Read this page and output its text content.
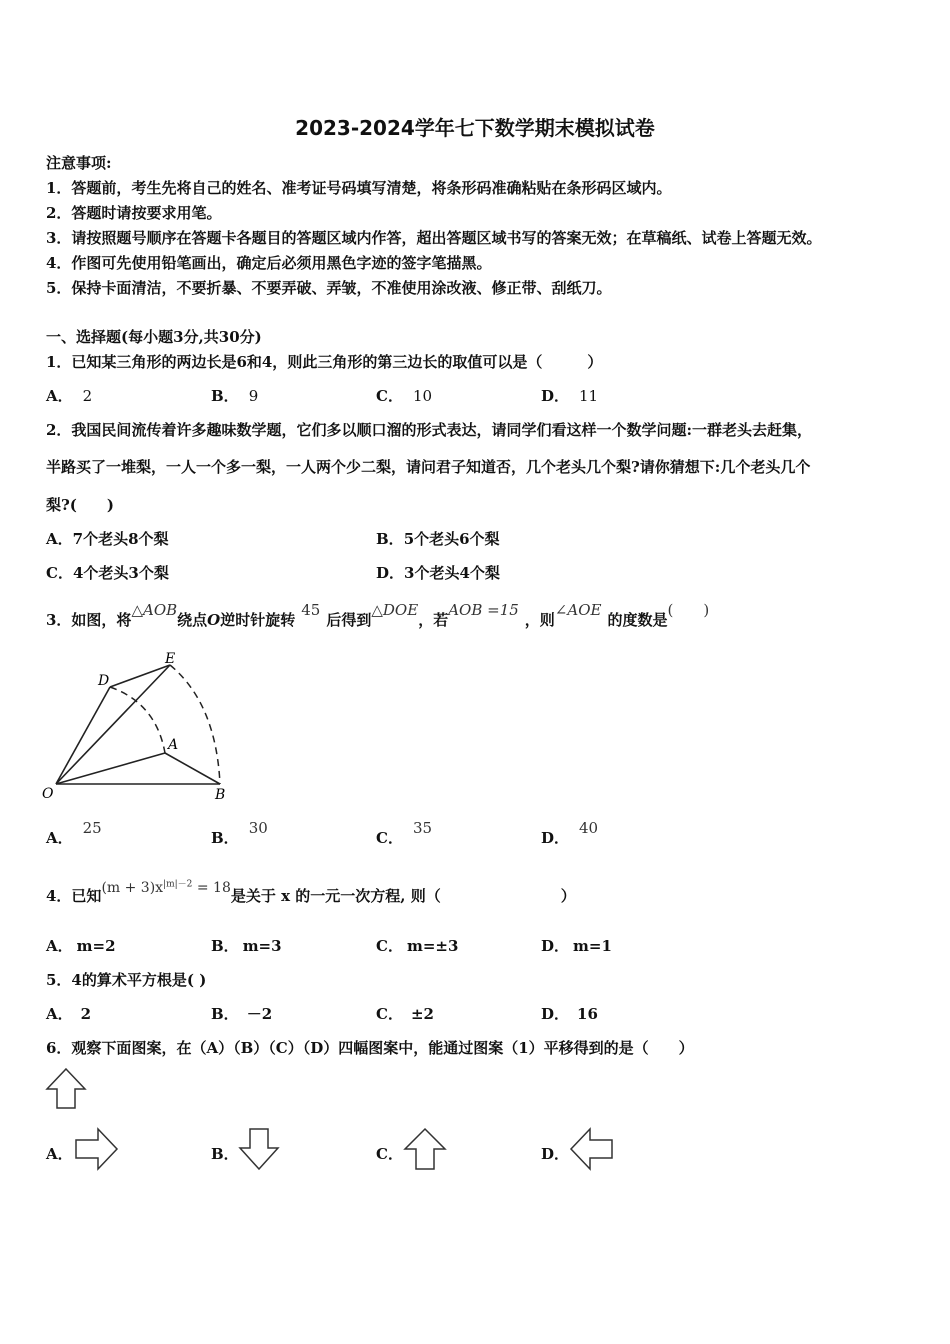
2023-2024学年七下数学期末模拟试卷
注意事项:
1．答题前，考生先将自己的姓名、准考证号码填写清楚，将条形码准确粘贴在条形码区域内。
2．答题时请按要求用笔。
3．请按照题号顺序在答题卡各题目的答题区域内作答，超出答题区域书写的答案无效；在草稿纸、试卷上答题无效。
4．作图可先使用铅笔画出，确定后必须用黑色字迹的签字笔描黑。
5．保持卡面清洁，不要折暴、不要弄破、弄皱，不准使用涂改液、修正带、刮纸刀。
一、选择题(每小题3分,共30分)
1．已知某三角形的两边长是6和4，则此三角形的第三边长的取值可以是（　　　）
A． 2	B． 9	C． 10	D． 11
2．我国民间流传着许多趣味数学题，它们多以顺口溜的形式表达，请同学们看这样一个数学问题:一群老头去赶集，
半路买了一堆梨，一人一个多一梨，一人两个少二梨，请问君子知道否，几个老头几个梨?请你猜想下:几个老头几个
梨?(　　)
A．7个老头8个梨	B．5个老头6个梨
C．4个老头3个梨	D．3个老头4个梨
3．如图，将△AOB绕点O逆时针旋转45后得到△DOE，若AOB =15，则∠AOE的度数是(　　)
D
E
A
O	B
A．25
B．30
C．35
D．40
4．已知$(m + 3)x^{|m|-2} = 18$是关于 x 的一元一次方程, 则（　　　　　　　　）
A． m=2	B． m=3	C． m=±3	D． m=1
5．4的算术平方根是( )
A． 2	B． －2	C． ±2	D． 16
6．观察下面图案，在（A）（B）（C）（D）四幅图案中，能通过图案（1）平移得到的是（　　）
A．	B．	C．	D．
